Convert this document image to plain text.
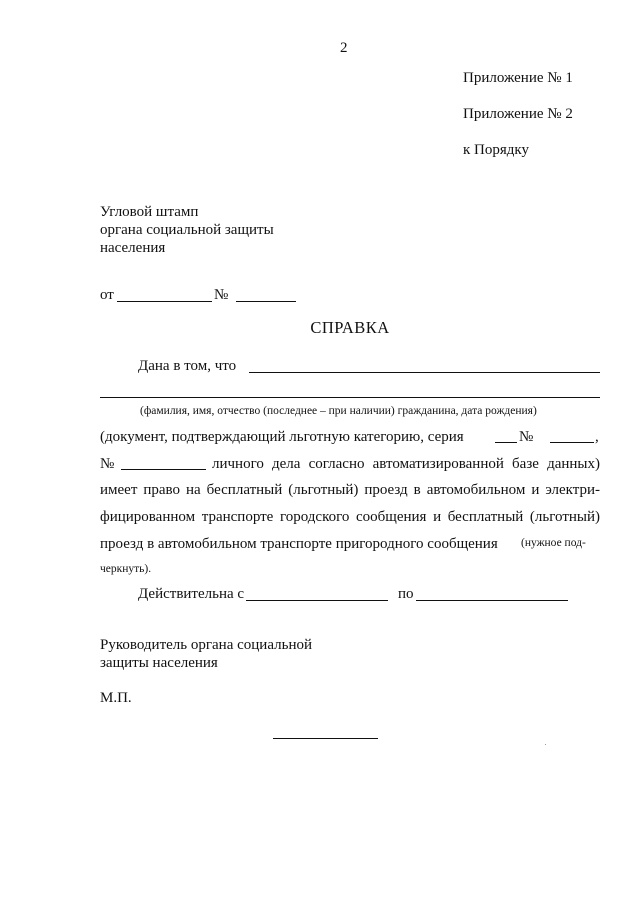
2
Приложение № 1
Приложение № 2
к Порядку
Угловой штамп
органа социальной защиты
населения
от	№
СПРАВКА
Дана в том, что
(фамилия, имя, отчество (последнее – при наличии) гражданина, дата рождения)
(документ, подтверждающий льготную категорию, серия	№	,
№	личного дела согласно автоматизированной базе данных)
имеет право на бесплатный (льготный) проезд в автомобильном и электри-
фицированном транспорте городского сообщения и бесплатный (льготный)
проезд в автомобильном транспорте пригородного сообщения (нужное под-
черкнуть).
Действительна с	по
Руководитель органа социальной
защиты населения
М.П.
